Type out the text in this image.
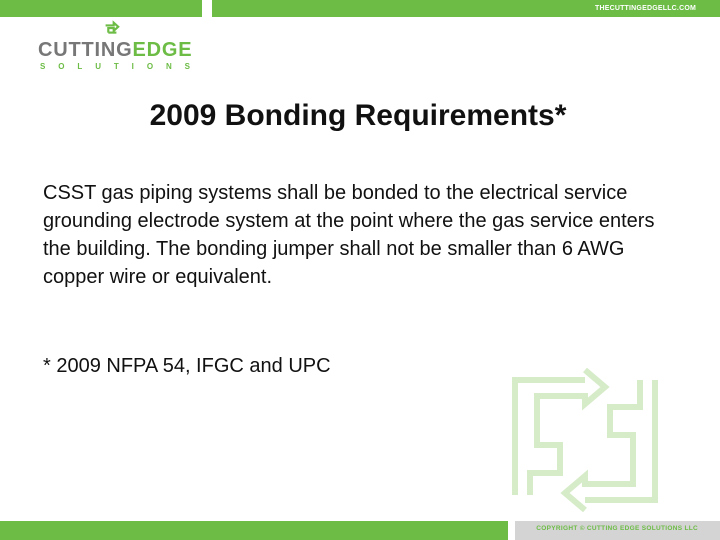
THECUTTINGEDGELLC.COM
CUTTINGEDGE
S O L U T I O N S
2009 Bonding Requirements*
CSST gas piping systems shall be bonded to the electrical service grounding electrode system at the point where the gas service enters the building. The bonding jumper shall not be smaller than 6 AWG copper wire or equivalent.
* 2009 NFPA 54, IFGC and UPC
COPYRIGHT © CUTTING EDGE SOLUTIONS LLC
